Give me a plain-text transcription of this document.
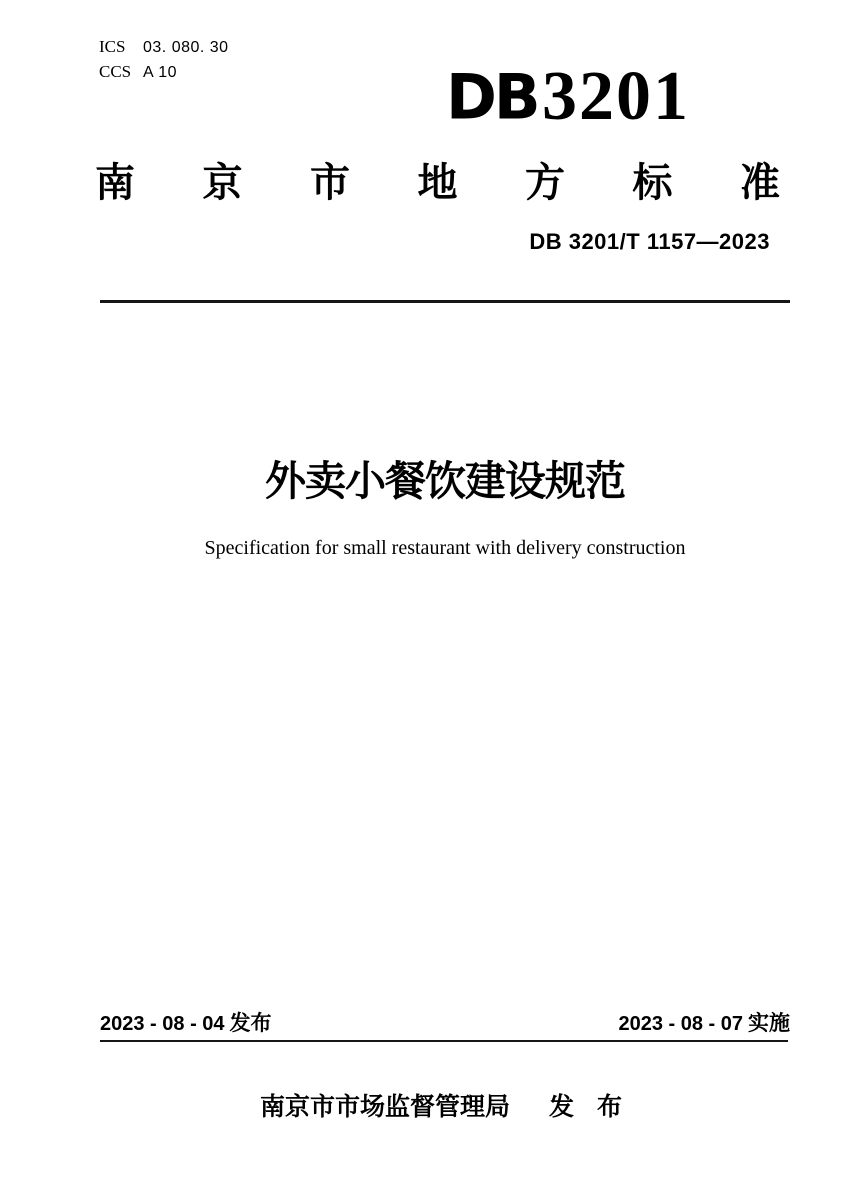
ICS	03. 080. 30
CCS A 10	DB 3201
南 京 市 地 方 标 准
DB 3201/T 1157—2023
外卖小餐饮建设规范
Specification for small restaurant with delivery construction
2023 - 08 - 04 发布	2023 - 08 - 07 实施
南京市市场监督管理局 发 布
